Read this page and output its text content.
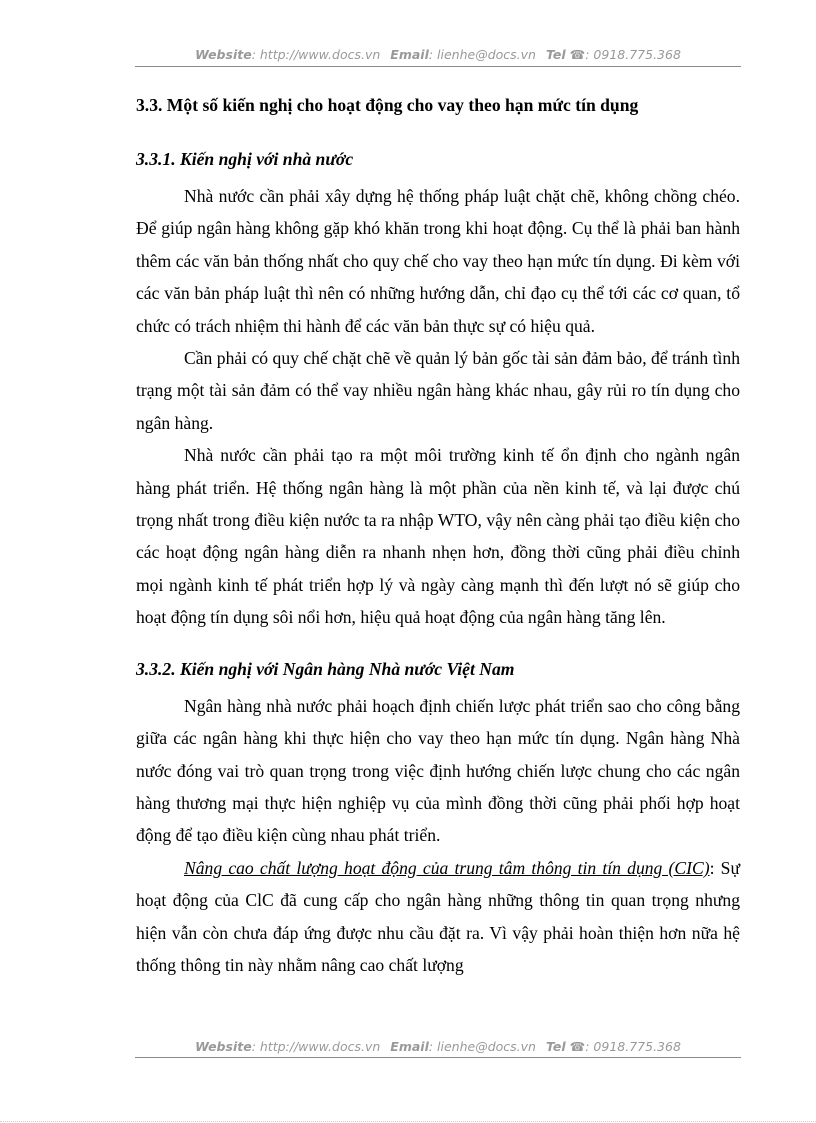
Website: http://www.docs.vn Email: lienhe@docs.vn Tel ☎: 0918.775.368
3.3. Một số kiến nghị cho hoạt động cho vay theo hạn mức tín dụng
3.3.1. Kiến nghị với nhà nước

Nhà nước cần phải xây dựng hệ thống pháp luật chặt chẽ, không chồng chéo. Để giúp ngân hàng không gặp khó khăn trong khi hoạt động. Cụ thể là phải ban hành thêm các văn bản thống nhất cho quy chế cho vay theo hạn mức tín dụng. Đi kèm với các văn bản pháp luật thì nên có những hướng dẫn, chỉ đạo cụ thể tới các cơ quan, tổ chức có trách nhiệm thi hành để các văn bản thực sự có hiệu quả.

Cần phải có quy chế chặt chẽ về quản lý bản gốc tài sản đảm bảo, để tránh tình trạng một tài sản đảm có thể vay nhiều ngân hàng khác nhau, gây rủi ro tín dụng cho ngân hàng.

Nhà nước cần phải tạo ra một môi trường kinh tế ổn định cho ngành ngân hàng phát triển. Hệ thống ngân hàng là một phần của nền kinh tế, và lại được chú trọng nhất trong điều kiện nước ta ra nhập WTO, vậy nên càng phải tạo điều kiện cho các hoạt động ngân hàng diễn ra nhanh nhẹn hơn, đồng thời cũng phải điều chỉnh mọi ngành kinh tế phát triển hợp lý và ngày càng mạnh thì đến lượt nó sẽ giúp cho hoạt động tín dụng sôi nổi hơn, hiệu quả hoạt động của ngân hàng tăng lên.

3.3.2. Kiến nghị với Ngân hàng Nhà nước Việt Nam

Ngân hàng nhà nước phải hoạch định chiến lược phát triển sao cho công bằng giữa các ngân hàng khi thực hiện cho vay theo hạn mức tín dụng. Ngân hàng Nhà nước đóng vai trò quan trọng trong việc định hướng chiến lược chung cho các ngân hàng thương mại thực hiện nghiệp vụ của mình đồng thời cũng phải phối hợp hoạt động để tạo điều kiện cùng nhau phát triển.

Nâng cao chất lượng hoạt động của trung tâm thông tin tín dụng (CIC): Sự hoạt động của ClC đã cung cấp cho ngân hàng những thông tin quan trọng nhưng hiện vẫn còn chưa đáp ứng được nhu cầu đặt ra. Vì vậy phải hoàn thiện hơn nữa hệ thống thông tin này nhằm nâng cao chất lượng

Website: http://www.docs.vn Email: lienhe@docs.vn Tel ☎: 0918.775.368
